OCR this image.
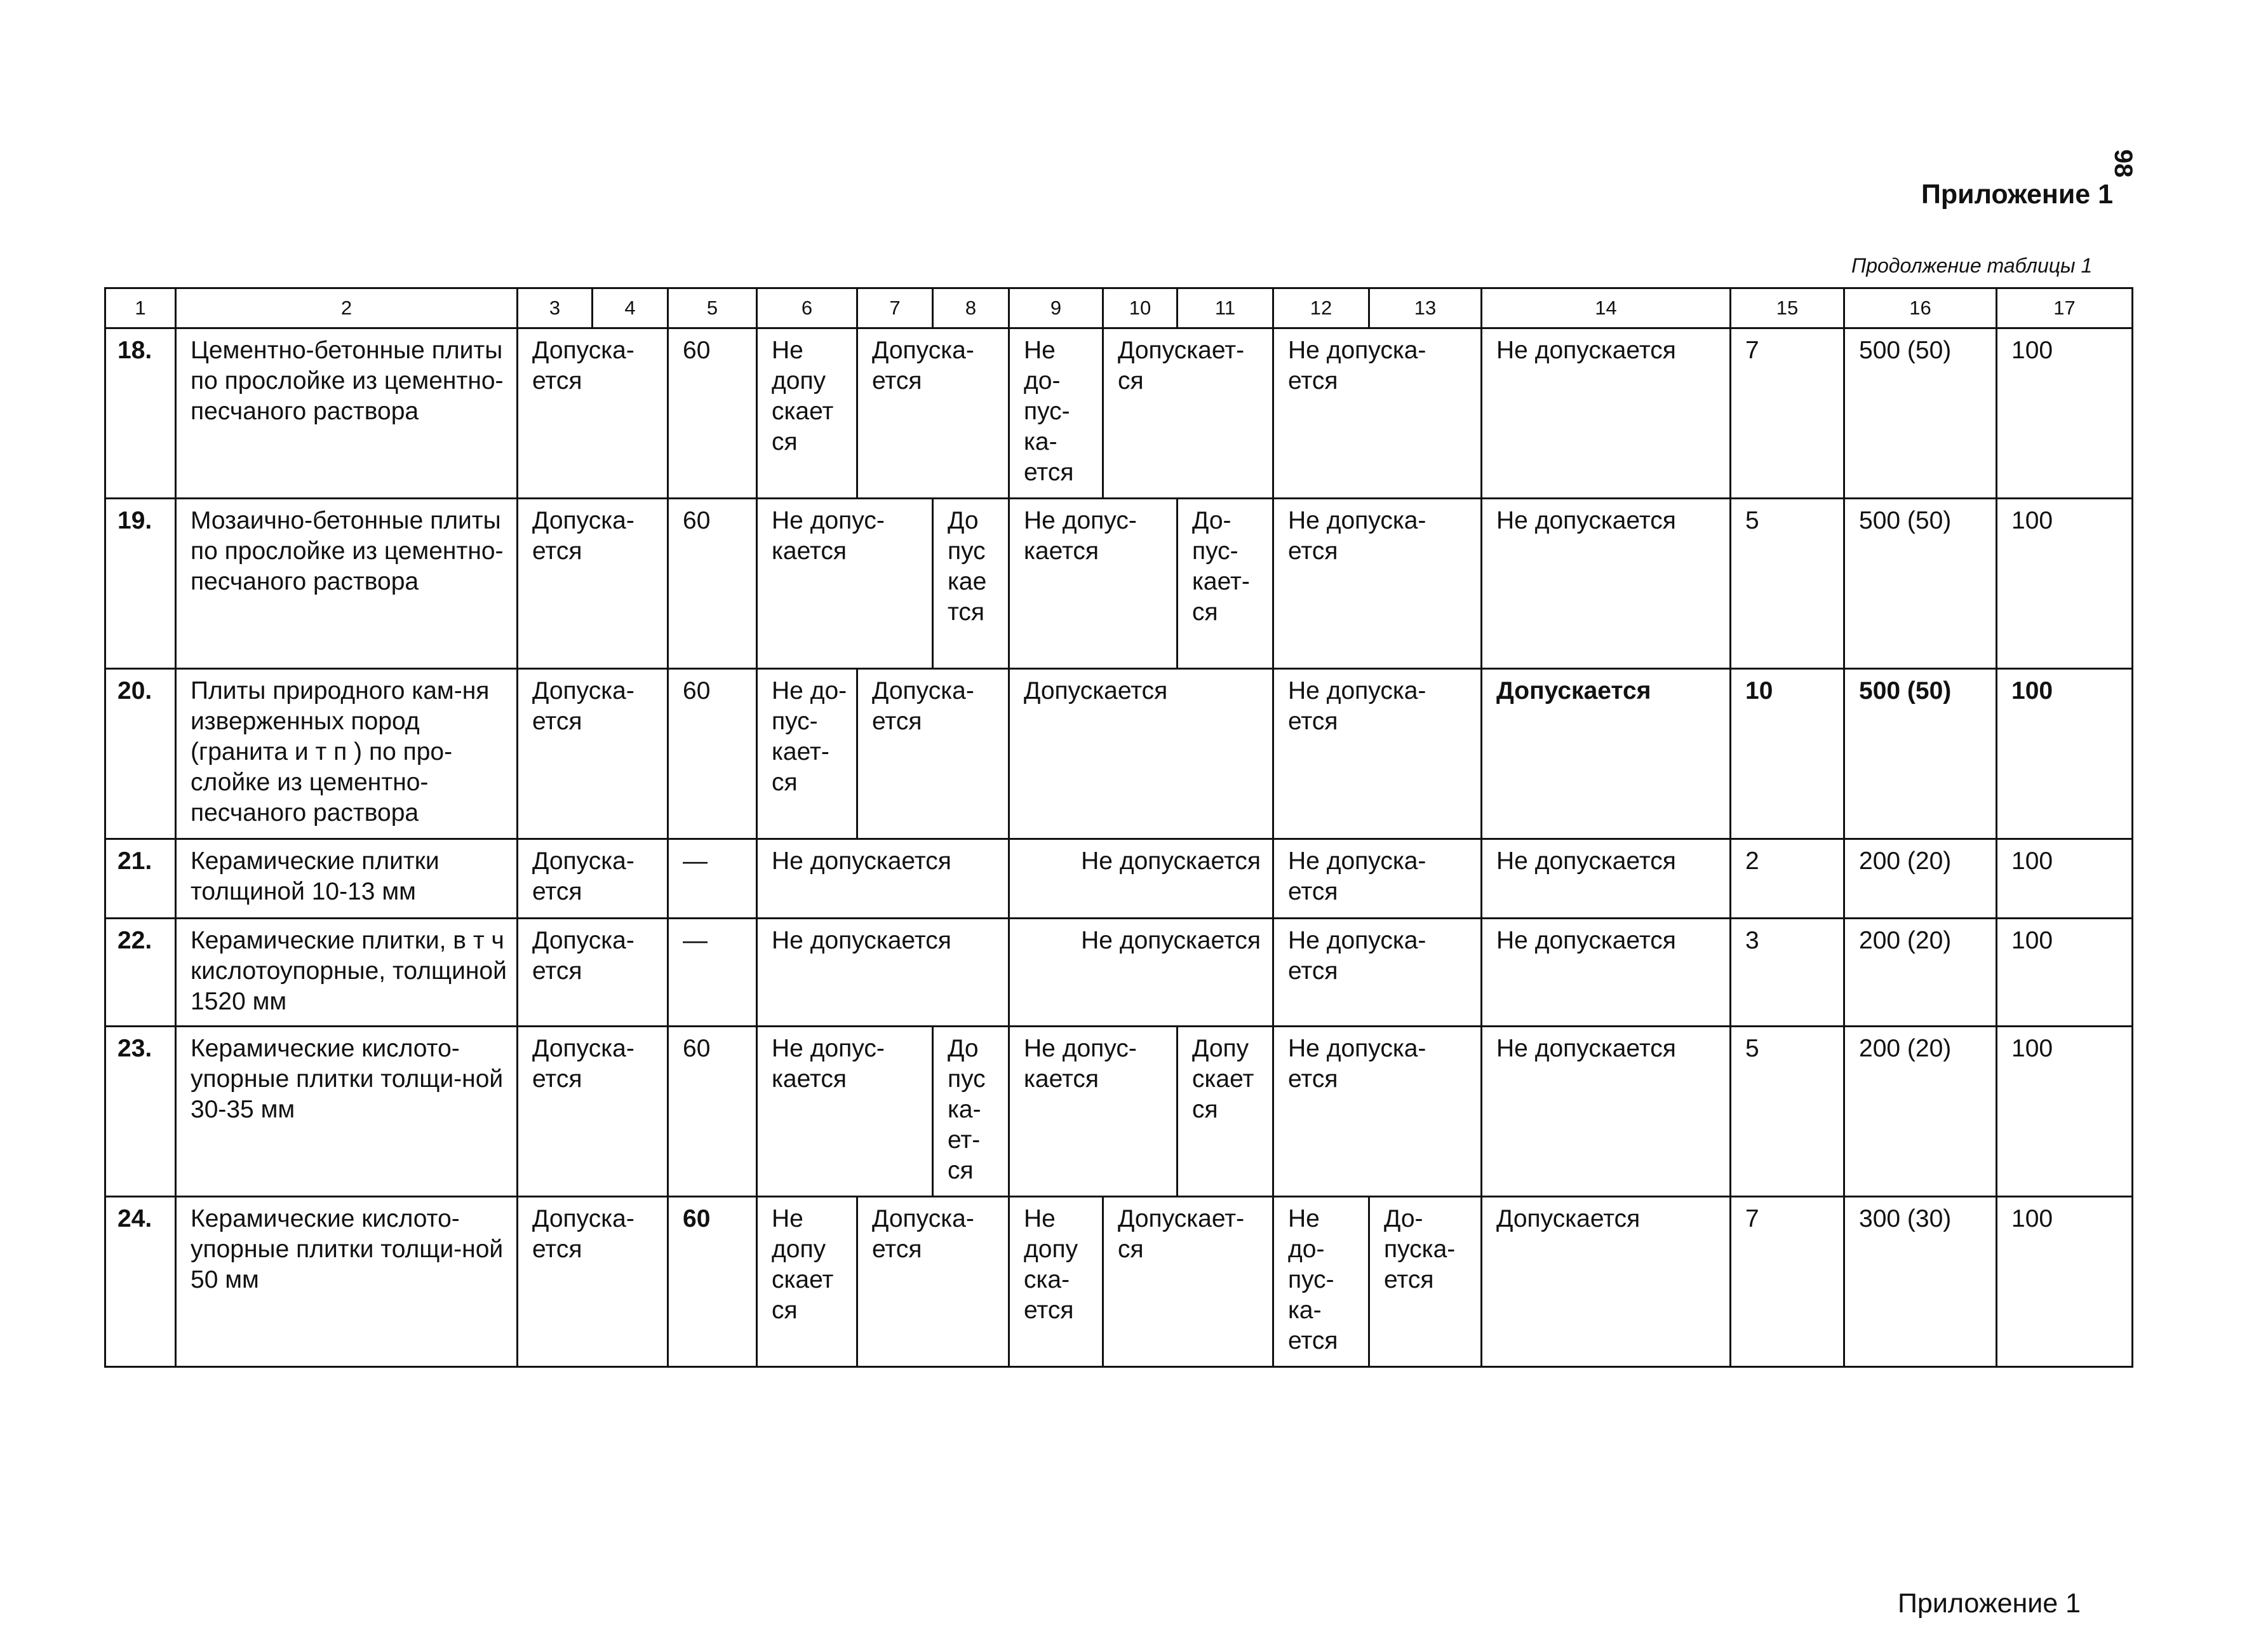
98
Приложение 1
Продолжение таблицы 1
1	2	3	4	5	6	7	8	9	10	11	12	13	14	15	16	17
18.	Цементно-бетонные плиты по прослойке из цементно-песчаного раствора	Допуска-ется		60	Не допу скает ся	Допуска-ется		Не до-пус-ка-ется	Допускает-ся		Не допуска-ется		Не допускается	7	500 (50)	100
19.	Мозаично-бетонные плиты по прослойке из цементно-песчаного раствора	Допуска-ется		60	Не допус-кается		До пус кае тся	Не допус-кается		До-пус-кает-ся	Не допуска-ется		Не допускается	5	500 (50)	100
20.	Плиты природного кам-ня изверженных пород (гранита и т п ) по про-слойке из цементно-песчаного раствора	Допуска-ется		60	Не до-пус-кает-ся	Допуска-ется		Допускается			Не допуска-ется		Допускается	10	500 (50)	100
21.	Керамические плитки толщиной 10-13 мм	Допуска-ется		—	Не допускается			Не допускается			Не допуска-ется		Не допускается	2	200 (20)	100
22.	Керамические плитки, в т ч кислотоупорные, толщиной 1520 мм	Допуска-ется		—	Не допускается			Не допускается			Не допуска-ется		Не допускается	3	200 (20)	100
23.	Керамические кислото-упорные плитки толщи-ной 30-35 мм	Допуска-ется		60	Не допус-кается		До пус ка-ет-ся	Не допус-кается		Допу скает ся	Не допуска-ется		Не допускается	5	200 (20)	100
24.	Керамические кислото-упорные плитки толщи-ной 50 мм	Допуска-ется		60	Не допу скает ся	Допуска-ется		Не допу ска-ется	Допускает-ся		Не до-пус-ка-ется	До-пуска-ется	Допускается	7	300 (30)	100
Приложение 1
